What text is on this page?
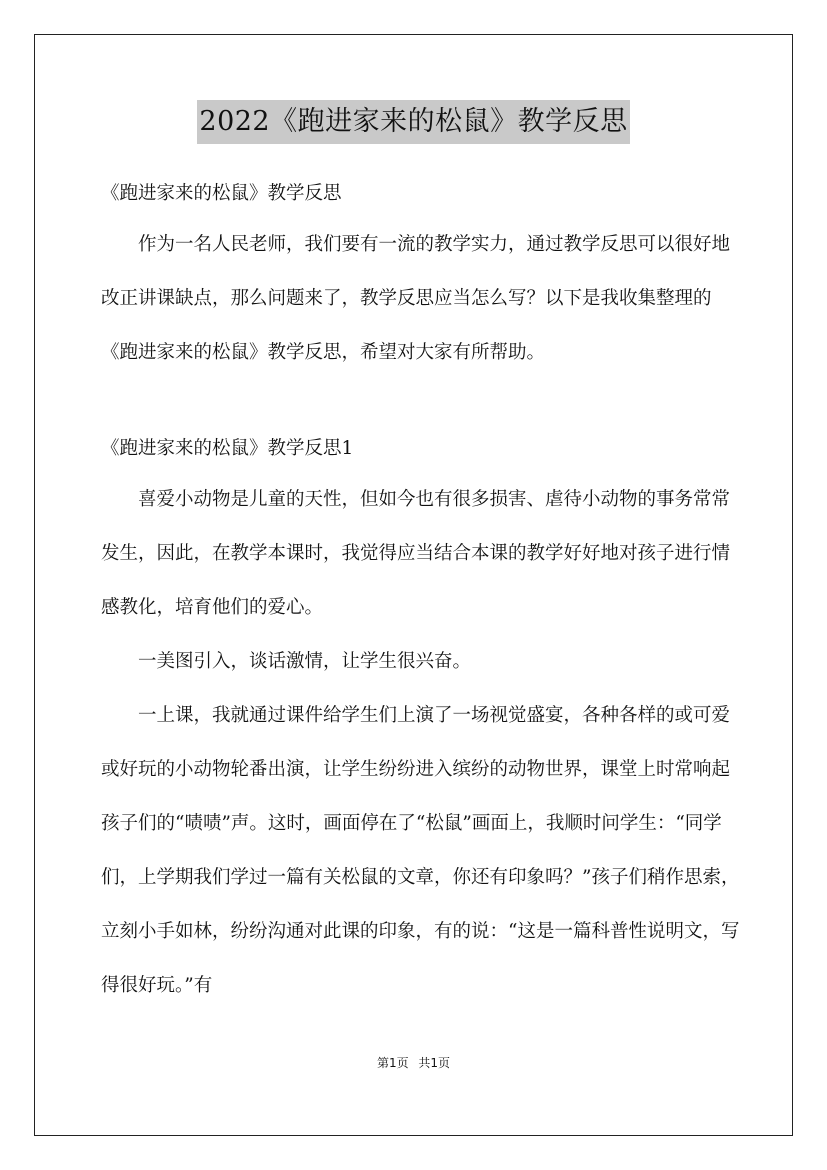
2022《跑进家来的松鼠》教学反思

《跑进家来的松鼠》教学反思

作为一名人民老师，我们要有一流的教学实力，通过教学反思可以很好地改正讲课缺点，那么问题来了，教学反思应当怎么写？以下是我收集整理的《跑进家来的松鼠》教学反思，希望对大家有所帮助。

《跑进家来的松鼠》教学反思1

喜爱小动物是儿童的天性，但如今也有很多损害、虐待小动物的事务常常发生，因此，在教学本课时，我觉得应当结合本课的教学好好地对孩子进行情感教化，培育他们的爱心。

一美图引入，谈话激情，让学生很兴奋。

一上课，我就通过课件给学生们上演了一场视觉盛宴，各种各样的或可爱或好玩的小动物轮番出演，让学生纷纷进入缤纷的动物世界，课堂上时常响起孩子们的“啧啧”声。这时，画面停在了“松鼠”画面上，我顺时问学生：“同学们，上学期我们学过一篇有关松鼠的文章，你还有印象吗？”孩子们稍作思索，立刻小手如林，纷纷沟通对此课的印象，有的说：“这是一篇科普性说明文，写得很好玩。”有

第1页 共1页
